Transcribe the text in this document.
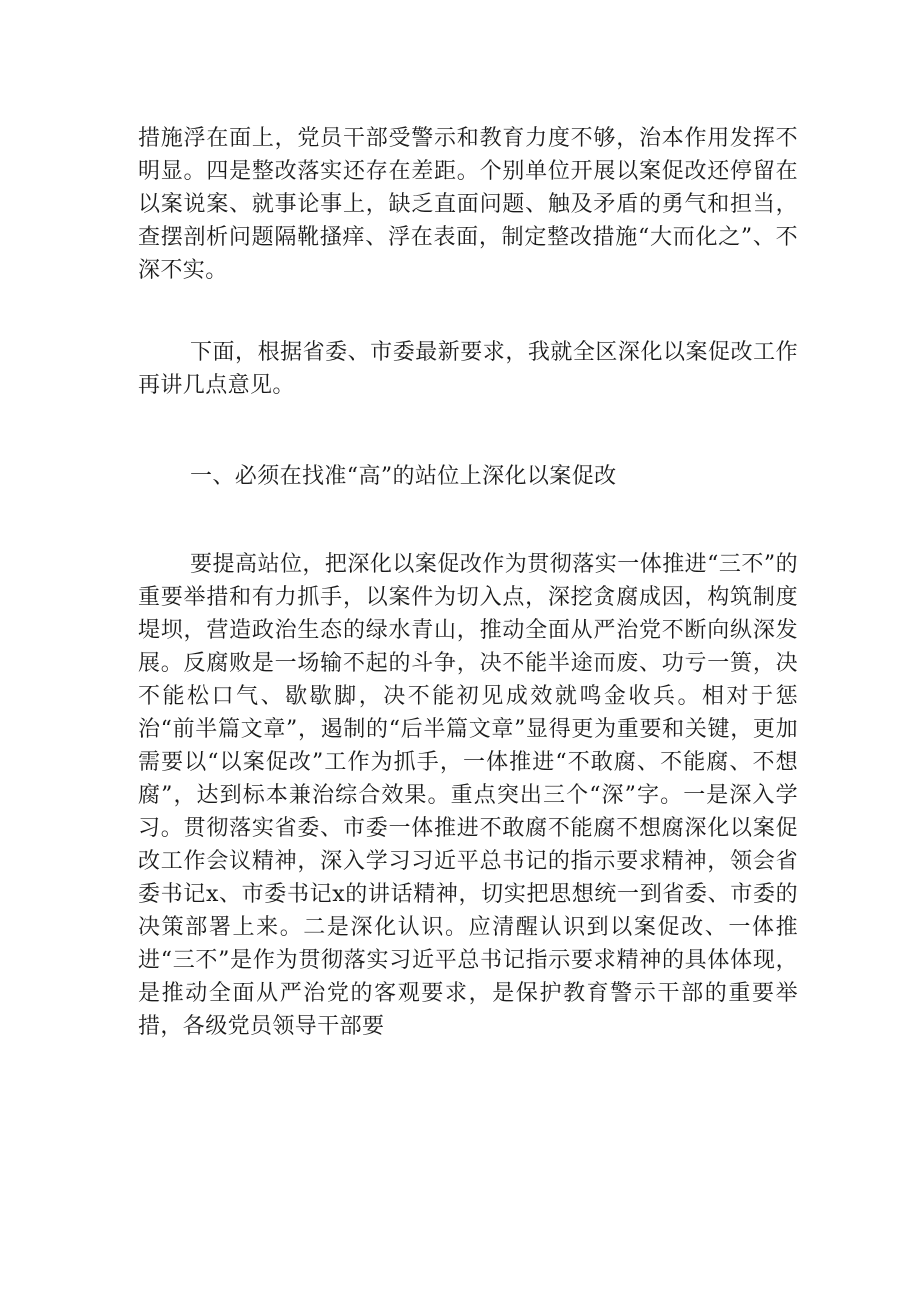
措施浮在面上，党员干部受警示和教育力度不够，治本作用发挥不明显。四是整改落实还存在差距。个别单位开展以案促改还停留在以案说案、就事论事上，缺乏直面问题、触及矛盾的勇气和担当，查摆剖析问题隔靴搔痒、浮在表面，制定整改措施“大而化之”、不深不实。

下面，根据省委、市委最新要求，我就全区深化以案促改工作再讲几点意见。

一、必须在找准“高”的站位上深化以案促改

要提高站位，把深化以案促改作为贯彻落实一体推进“三不”的重要举措和有力抓手，以案件为切入点，深挖贪腐成因，构筑制度堤坝，营造政治生态的绿水青山，推动全面从严治党不断向纵深发展。反腐败是一场输不起的斗争，决不能半途而废、功亏一篑，决不能松口气、歇歇脚，决不能初见成效就鸣金收兵。相对于惩治“前半篇文章”，遏制的“后半篇文章”显得更为重要和关键，更加需要以“以案促改”工作为抓手，一体推进“不敢腐、不能腐、不想腐”，达到标本兼治综合效果。重点突出三个“深”字。一是深入学习。贯彻落实省委、市委一体推进不敢腐不能腐不想腐深化以案促改工作会议精神，深入学习习近平总书记的指示要求精神，领会省委书记x、市委书记x的讲话精神，切实把思想统一到省委、市委的决策部署上来。二是深化认识。应清醒认识到以案促改、一体推进“三不”是作为贯彻落实习近平总书记指示要求精神的具体体现，是推动全面从严治党的客观要求，是保护教育警示干部的重要举措，各级党员领导干部要
